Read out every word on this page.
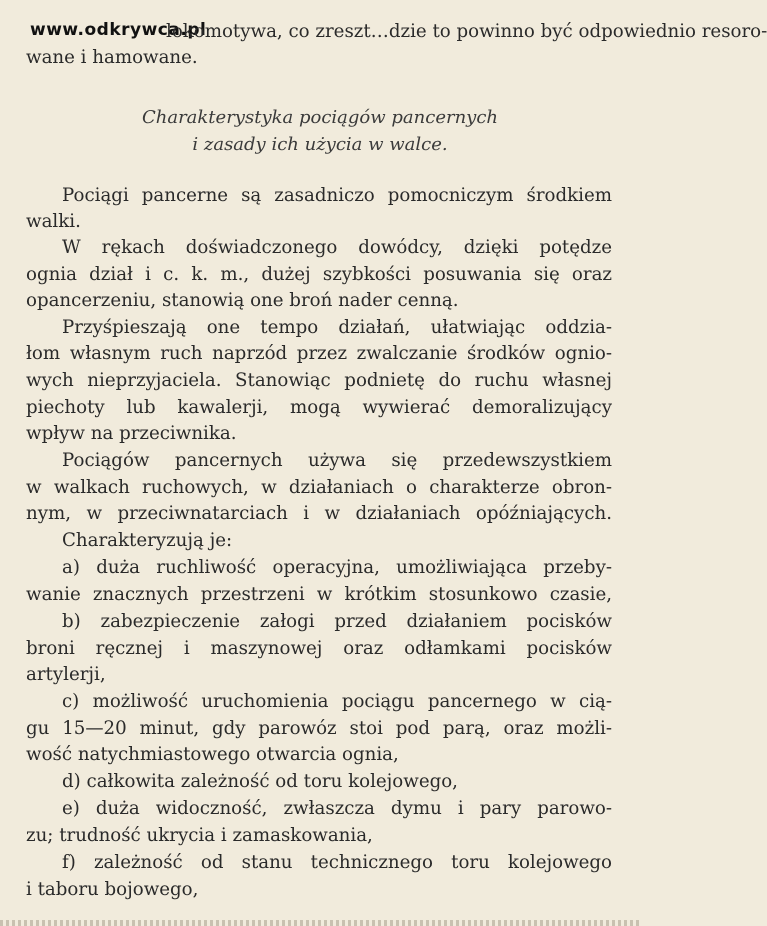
www.odkrywca.pl
lokomotywa, co zreszt…dzie to powinno być odpowiednio resoro-
wane i hamowane.
Charakterystyka pociągów pancernych
i zasady ich użycia w walce.
Pociągi pancerne są zasadniczo pomocniczym środkiem
walki.
W rękach doświadczonego dowódcy, dzięki potędze
ognia dział i c. k. m., dużej szybkości posuwania się oraz
opancerzeniu, stanowią one broń nader cenną.
Przyśpieszają one tempo działań, ułatwiając oddzia-
łom własnym ruch naprzód przez zwalczanie środków ognio-
wych nieprzyjaciela. Stanowiąc podnietę do ruchu własnej
piechoty lub kawalerji, mogą wywierać demoralizujący
wpływ na przeciwnika.
Pociągów pancernych używa się przedewszystkiem
w walkach ruchowych, w działaniach o charakterze obron-
nym, w przeciwnatarciach i w działaniach opóźniających.
Charakteryzują je:
a) duża ruchliwość operacyjna, umożliwiająca przeby-
wanie znacznych przestrzeni w krótkim stosunkowo czasie,
b) zabezpieczenie załogi przed działaniem pocisków
broni ręcznej i maszynowej oraz odłamkami pocisków
artylerji,
c) możliwość uruchomienia pociągu pancernego w cią-
gu 15—20 minut, gdy parowóz stoi pod parą, oraz możli-
wość natychmiastowego otwarcia ognia,
d) całkowita zależność od toru kolejowego,
e) duża widoczność, zwłaszcza dymu i pary parowo-
zu; trudność ukrycia i zamaskowania,
f) zależność od stanu technicznego toru kolejowego
i taboru bojowego,
